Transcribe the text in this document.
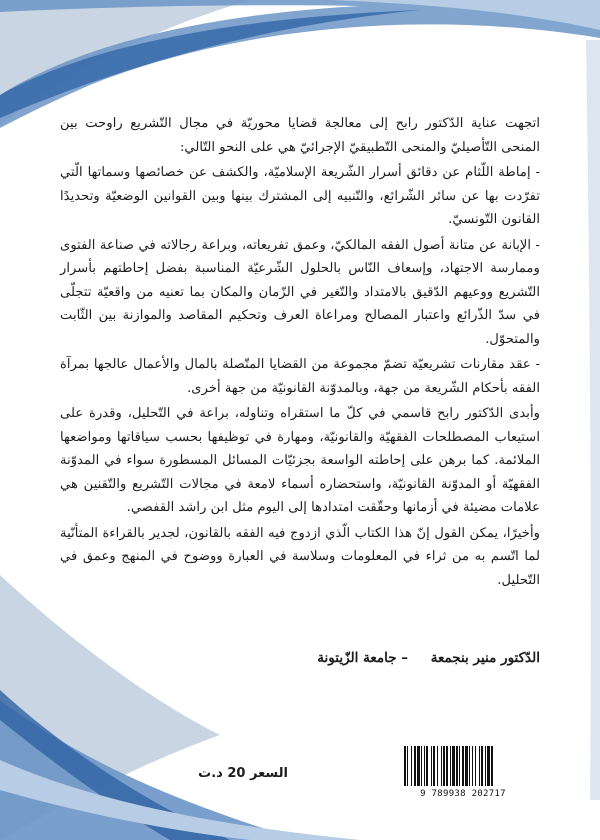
اتجهت عناية الدّكتور رابح إلى معالجة قضايا محوريّة في مجال التّشريع راوحت بين المنحى التّأصيليّ والمنحى التّطبيقيّ الإجرائيّ هي على النحو التّالي:

- إماطة اللّثام عن دقائق أسرار الشّريعة الإسلاميّة، والكشف عن خصائصها وسماتها الّتي تفرّدت بها عن سائر الشّرائع، والتّنبيه إلى المشترك بينها وبين القوانين الوضعيّة وتحديدًا القانون التّونسيّ.

- الإبانة عن متانة أصول الفقه المالكيّ، وعمق تفريعاته، وبراعة رجالاته في صناعة الفتوى وممارسة الاجتهاد، وإسعاف النّاس بالحلول الشّرعيّة المناسبة بفضل إحاطتهم بأسرار التّشريع ووعيهم الدّقيق بالامتداد والتّغير في الزّمان والمكان بما تعنيه من واقعيّة تتجلّى في سدّ الذّرائع واعتبار المصالح ومراعاة العرف وتحكيم المقاصد والموازنة بين الثّابت والمتحوّل.

- عقد مقارنات تشريعيّة تضمّ مجموعة من القضايا المتّصلة بالمال والأعمال عالجها بمرآة الفقه بأحكام الشّريعة من جهة، وبالمدوّنة القانونيّة من جهة أخرى.

وأبدى الدّكتور رابح قاسمي في كلّ ما استقراه وتناوله، براعة في التّحليل، وقدرة على استيعاب المصطلحات الفقهيّة والقانونيّة، ومهارة في توظيفها بحسب سياقاتها ومواضعها الملائمة. كما برهن على إحاطته الواسعة بجزئيّات المسائل المسطورة سواء في المدوّنة الفقهيّة أو المدوّنة القانونيّة، واستحضاره أسماء لامعة في مجالات التّشريع والتّقنين هي علامات مضيئة في أزمانها وحقّقت امتدادها إلى اليوم مثل ابن راشد القفصي.

وأخيرًا، يمكن القول إنّ هذا الكتاب الّذي ازدوج فيه الفقه بالقانون، لجدير بالقراءة المتأنّية لما اتّسم به من ثراء في المعلومات وسلاسة في العبارة ووضوح في المنهج وعمق في التّحليل.

الدّكتور منير بنجمعة – جامعة الزّيتونة
السعر 20 د.ت
9 789938 202717
